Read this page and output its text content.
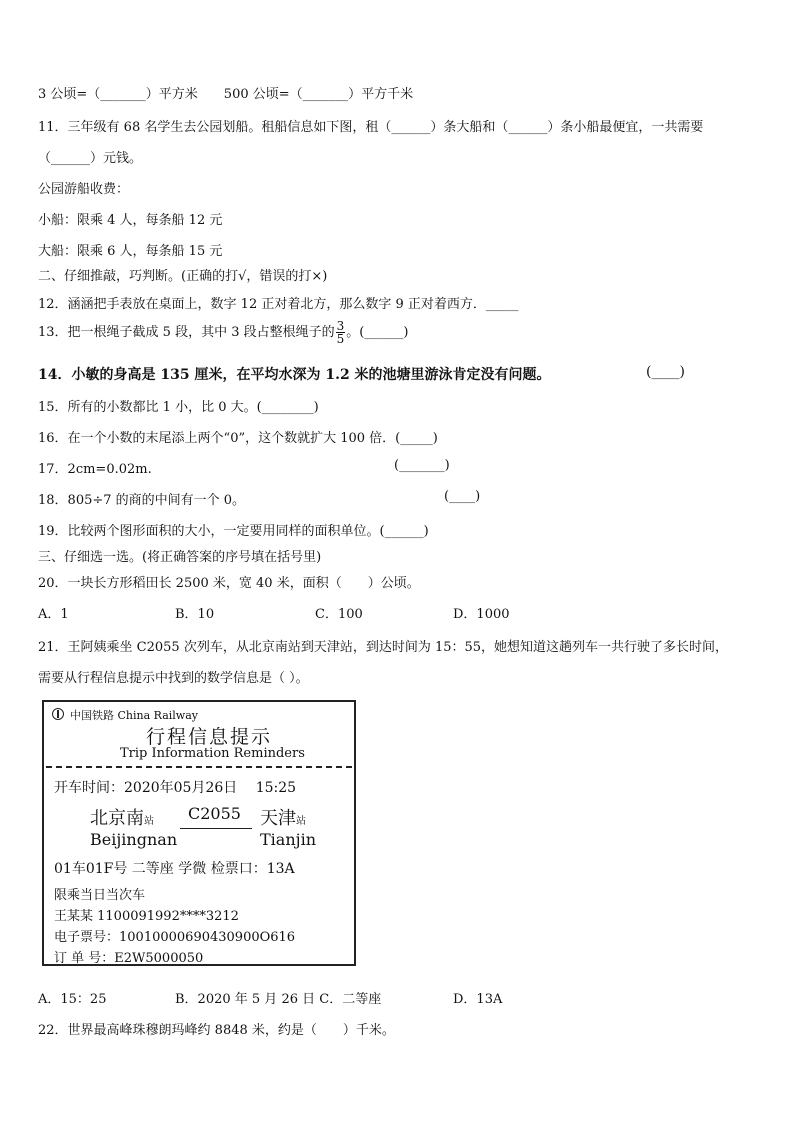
3 公顷=（_______）平方米　　500 公顷=（_______）平方千米
11．三年级有 68 名学生去公园划船。租船信息如下图，租（______）条大船和（______）条小船最便宜，一共需要
（______）元钱。
公园游船收费：
小船：限乘 4 人，每条船 12 元
大船：限乘 6 人，每条船 15 元
二、仔细推敲，巧判断。(正确的打√，错误的打×)
12．涵涵把手表放在桌面上，数字 12 正对着北方，那么数字 9 正对着西方．_____
13．把一根绳子截成 5 段，其中 3 段占整根绳子的 $\frac{3}{5}$ 。(______)
14．小敏的身高是 135 厘米，在平均水深为 1.2 米的池塘里游泳肯定没有问题。	(____)
15．所有的小数都比 1 小，比 0 大。(________)
16．在一个小数的末尾添上两个“0”，这个数就扩大 100 倍．(_____)
17．2cm=0.02m.	(_______)
18．805÷7 的商的中间有一个 0。	(____)
19．比较两个图形面积的大小，一定要用同样的面积单位。(______)
三、仔细选一选。(将正确答案的序号填在括号里)
20．一块长方形稻田长 2500 米，宽 40 米，面积（　　）公顷。
A．1	B．10	C．100	D．1000
21．王阿姨乘坐 C2055 次列车，从北京南站到天津站，到达时间为 15：55，她想知道这趟列车一共行驶了多长时间，
需要从行程信息提示中找到的数学信息是（ ）。
中国铁路 China Railway
行程信息提示
Trip Information Reminders
开车时间：2020年05月26日　 15:25
北京南站
Beijingnan
C2055 天津站
Tianjin
01车01F号 二等座 学微 检票口：13A
限乘当日当次车
王某某 1100091992****3212
电子票号：10010000690430900O616
订 单 号：E2W5000050
A．15：25	B．2020 年 5 月 26 日 C．二等座	D．13A
22．世界最高峰珠穆朗玛峰约 8848 米，约是（　　）千米。
